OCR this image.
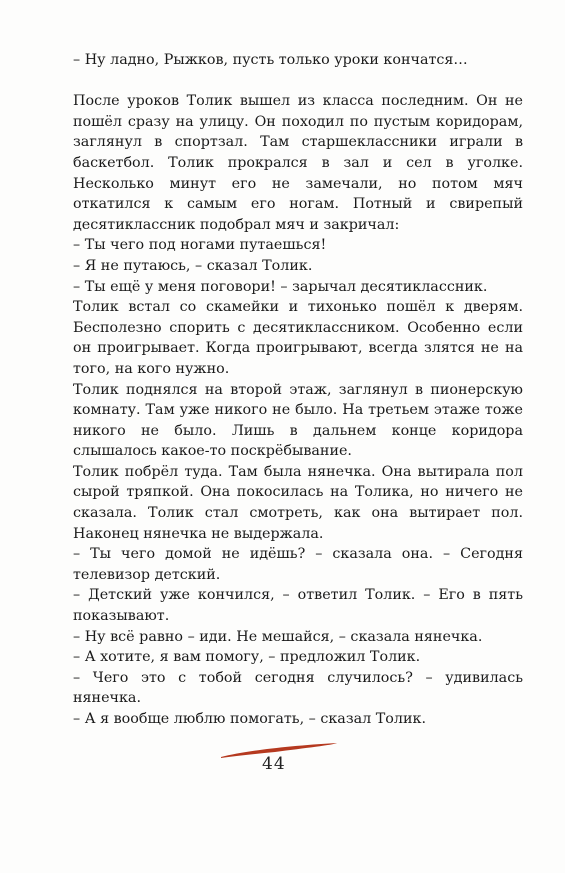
– Ну ладно, Рыжков, пусть только уроки кончатся…

После уроков Толик вышел из класса последним. Он не пошёл сразу на улицу. Он походил по пустым коридорам, заглянул в спортзал. Там старшеклассники играли в баскетбол. Толик прокрался в зал и сел в уголке. Несколько минут его не замечали, но потом мяч откатился к самым его ногам. Потный и свирепый десятиклассник подобрал мяч и закричал:

– Ты чего под ногами путаешься!

– Я не путаюсь, – сказал Толик.

– Ты ещё у меня поговори! – зарычал десятиклассник.

Толик встал со скамейки и тихонько пошёл к дверям. Бесполезно спорить с десятиклассником. Особенно если он проигрывает. Когда проигрывают, всегда злятся не на того, на кого нужно.

Толик поднялся на второй этаж, заглянул в пионерскую комнату. Там уже никого не было. На третьем этаже тоже никого не было. Лишь в дальнем конце коридора слышалось какое-то поскрёбывание.

Толик побрёл туда. Там была нянечка. Она вытирала пол сырой тряпкой. Она покосилась на Толика, но ничего не сказала. Толик стал смотреть, как она вытирает пол. Наконец нянечка не выдержала.

– Ты чего домой не идёшь? – сказала она. – Сегодня телевизор детский.

– Детский уже кончился, – ответил Толик. – Его в пять показывают.

– Ну всё равно – иди. Не мешайся, – сказала нянечка.

– А хотите, я вам помогу, – предложил Толик.

– Чего это с тобой сегодня случилось? – удивилась нянечка.

– А я вообще люблю помогать, – сказал Толик.

44
